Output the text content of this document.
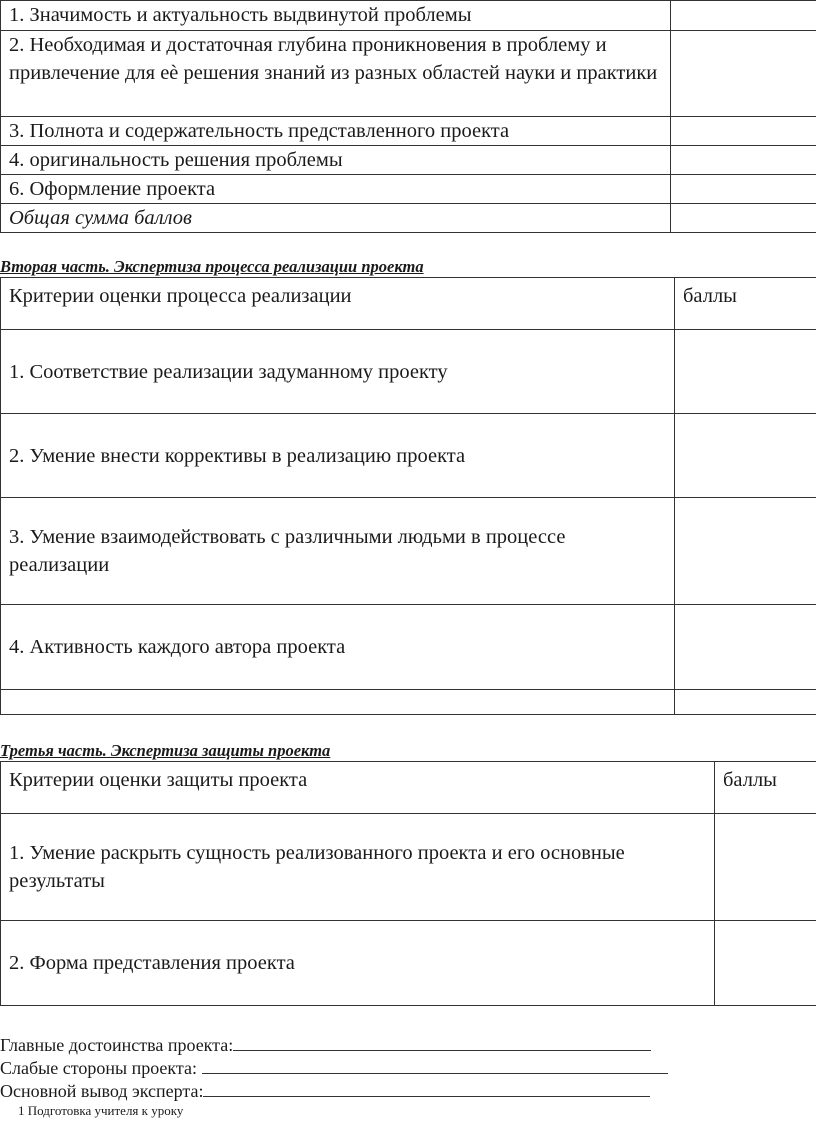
1. Значимость и актуальность выдвинутой проблемы	
2. Необходимая и достаточная глубина проникновения в проблему и привлечение для еѐ решения знаний из разных областей науки и практики	
3. Полнота и содержательность представленного проекта	
4. оригинальность решения проблемы	
6. Оформление проекта	
Общая сумма баллов	
Вторая часть. Экспертиза процесса реализации проекта
Критерии оценки процесса реализации	баллы
1. Соответствие реализации задуманному проекту	
2. Умение внести коррективы в реализацию проекта	
3. Умение взаимодействовать с различными людьми в процессе реализации	
4. Активность каждого автора проекта	

Третья часть. Экспертиза защиты проекта
Критерии оценки защиты проекта	баллы
1. Умение раскрыть сущность реализованного проекта и его основные результаты	
2. Форма представления проекта	
Главные достоинства проекта:
Слабые стороны проекта:
Основной вывод эксперта:
1 Подготовка учителя к уроку
